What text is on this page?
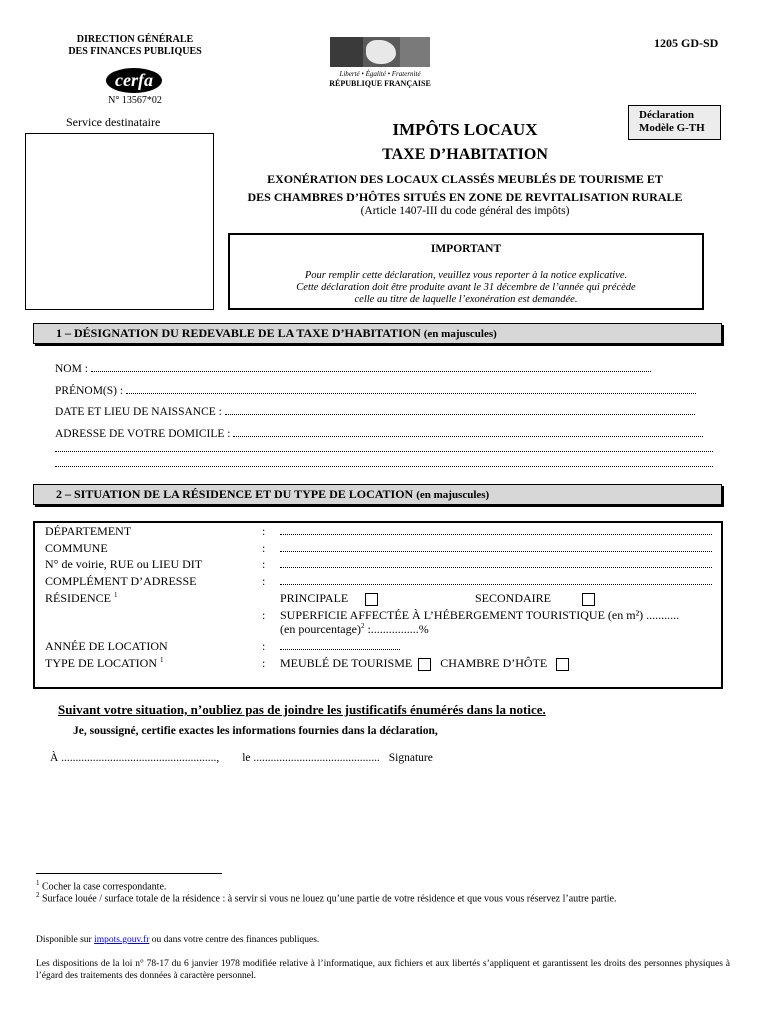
DIRECTION GÉNÉRALE
DES FINANCES PUBLIQUES
cerfa
N° 13567*02
Service destinataire
Liberté • Égalité • Fraternité
RÉPUBLIQUE FRANÇAISE
1205 GD-SD
Déclaration
Modèle G-TH
IMPÔTS LOCAUX
TAXE D’HABITATION
EXONÉRATION DES LOCAUX CLASSÉS MEUBLÉS DE TOURISME ET
DES CHAMBRES D’HÔTES SITUÉS EN ZONE DE REVITALISATION RURALE
(Article 1407-III du code général des impôts)
IMPORTANT
Pour remplir cette déclaration, veuillez vous reporter à la notice explicative.
Cette déclaration doit être produite avant le 31 décembre de l’année qui précède
celle au titre de laquelle l’exonération est demandée.
1 – DÉSIGNATION DU REDEVABLE DE LA TAXE D’HABITATION (en majuscules)
NOM :
PRÉNOM(S) :
DATE ET LIEU DE NAISSANCE :
ADRESSE DE VOTRE DOMICILE :
2 – SITUATION DE LA RÉSIDENCE ET DU TYPE DE LOCATION (en majuscules)
DÉPARTEMENT	:
COMMUNE	:
N° de voirie, RUE ou LIEU DIT	:
COMPLÉMENT D’ADRESSE	:
RÉSIDENCE $^1$	PRINCIPALE	SECONDAIRE
: SUPERFICIE AFFECTÉE À L’HÉBERGEMENT TOURISTIQUE (en m²) ...........
(en pourcentage)$^2$ :................%
ANNÉE DE LOCATION	:
TYPE DE LOCATION $^1$	: MEUBLÉ DE TOURISME CHAMBRE D’HÔTE
Suivant votre situation, n’oubliez pas de joindre les justificatifs énumérés dans la notice.
Je, soussigné, certifie exactes les informations fournies dans la déclaration,
À ......................................................, le ............................................ Signature
$^1$ Cocher la case correspondante.
$^2$ Surface louée / surface totale de la résidence : à servir si vous ne louez qu’une partie de votre résidence et que vous vous réservez l’autre partie.
Disponible sur impots.gouv.fr ou dans votre centre des finances publiques.
Les dispositions de la loi n° 78-17 du 6 janvier 1978 modifiée relative à l’informatique, aux fichiers et aux libertés s’appliquent et garantissent les droits des personnes physiques à l’égard des traitements des données à caractère personnel.
